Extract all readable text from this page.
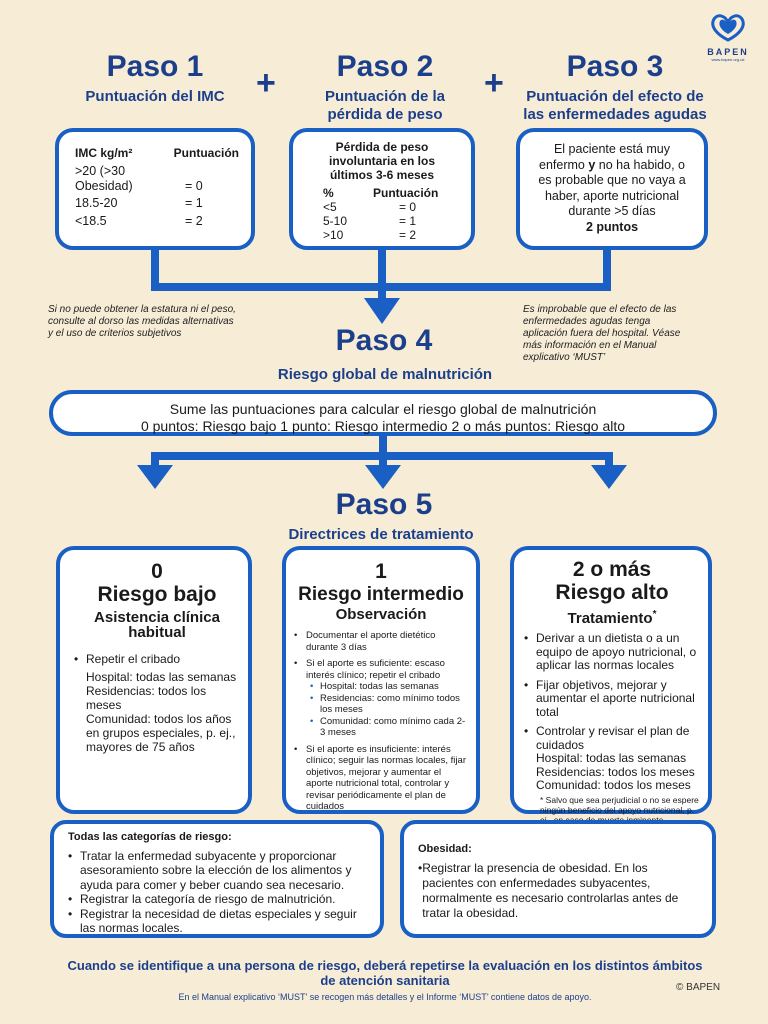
BAPEN
www.bapen.org.uk
Paso 1
Puntuación del IMC +	Paso 2
Puntuación de la
pérdida de peso
+	Paso 3
Puntuación del efecto de
las enfermedades agudas
IMC kg/m²	Puntuación
>20 (>30
Obesidad)	= 0
18.5-20	= 1
<18.5	= 2
Pérdida de peso
involuntaria en los
últimos 3-6 meses
%	Puntuación
<5	= 0
5-10	= 1
>10	= 2
El paciente está muy enfermo y no ha habido, o es probable que no vaya a haber, aporte nutricional durante >5 días
2 puntos
Si no puede obtener la estatura ni el peso, consulte al dorso las medidas alternativas y el uso de criterios subjetivos
Es improbable que el efecto de las enfermedades agudas tenga aplicación fuera del hospital. Véase más información en el Manual explicativo ‘MUST’
Paso 4
Riesgo global de malnutrición
Sume las puntuaciones para calcular el riesgo global de malnutrición
0 puntos: Riesgo bajo 1 punto: Riesgo intermedio 2 o más puntos: Riesgo alto
Paso 5
Directrices de tratamiento
0
Riesgo bajo
Asistencia clínica
habitual
• Repetir el cribado
Hospital: todas las semanas
Residencias: todos los meses
Comunidad: todos los años en grupos especiales, p. ej., mayores de 75 años
1
Riesgo intermedio
Observación
• Documentar el aporte dietético durante 3 días
• Si el aporte es suficiente: escaso interés clínico; repetir el cribado
• Hospital: todas las semanas
• Residencias: como mínimo todos los meses
• Comunidad: como mínimo cada 2-3 meses
• Si el aporte es insuficiente: interés clínico; seguir las normas locales, fijar objetivos, mejorar y aumentar el aporte nutricional total, controlar y revisar periódicamente el plan de cuidados
2 o más
Riesgo alto
Tratamiento*
• Derivar a un dietista o a un equipo de apoyo nutricional, o aplicar las normas locales
• Fijar objetivos, mejorar y aumentar el aporte nutricional total
• Controlar y revisar el plan de cuidados
Hospital: todas las semanas
Residencias: todos los meses
Comunidad: todos los meses
* Salvo que sea perjudicial o no se espere ningún beneficio del apoyo nutricional, p.
Todas las categorías de riesgo:
• Tratar la enfermedad subyacente y proporcionar asesoramiento sobre la elección de los alimentos y ayuda para comer y beber cuando sea necesario.
• Registrar la categoría de riesgo de malnutrición.
• Registrar la necesidad de dietas especiales y seguir las normas locales.
Obesidad:
• Registrar la presencia de obesidad. En los pacientes con enfermedades subyacentes, normalmente es necesario controlarlas antes de tratar la obesidad.
Cuando se identifique a una persona de riesgo, deberá repetirse la evaluación en los distintos ámbitos de atención sanitaria
En el Manual explicativo ‘MUST’ se recogen más detalles y el Informe ‘MUST’ contiene datos de apoyo.
© BAPEN
